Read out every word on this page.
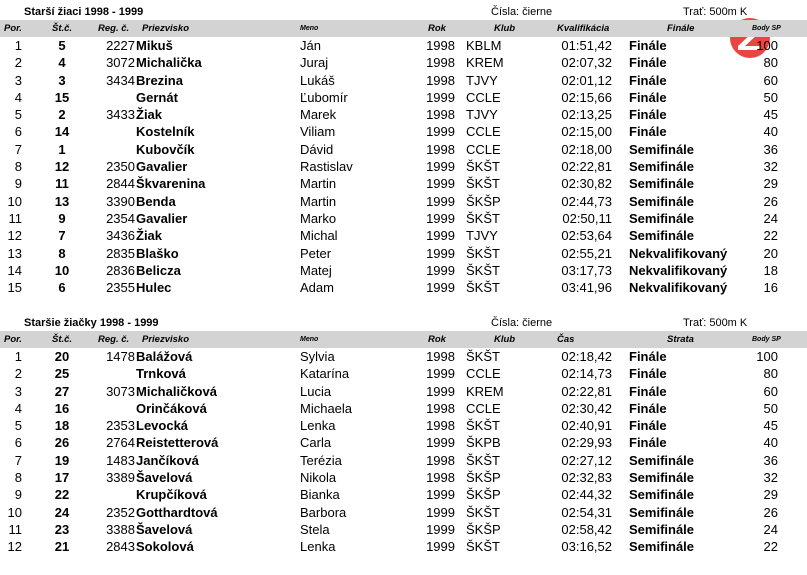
Starší žiaci 1998 - 1999	Čísla: čierne	Trať: 500m K
Por.	Št.č.	Reg. č. Priezvisko	Meno	Rok	Klub	Kvalifikácia	Finále	Body SP
1	5	2227 Mikuš	Ján	1998 KBLM	01:51,42 Finále	100
2	4	3072 Michalička	Juraj	1998 KREM	02:07,32 Finále	80
3	3	3434 Brezina	Lukáš	1998 TJVY	02:01,12 Finále	60
4	15	Gernát	Ľubomír	1999 CCLE	02:15,66 Finále	50
5	2	3433 Žiak	Marek	1998 TJVY	02:13,25 Finále	45
6	14	Kostelník	Viliam	1999 CCLE	02:15,00 Finále	40
7	1	Kubovčík	Dávid	1998 CCLE	02:18,00 Semifinále	36
8	12	2350 Gavalier	Rastislav	1999 ŠKŠT	02:22,81 Semifinále	32
9	11	2844 Škvarenina	Martin	1999 ŠKŠT	02:30,82 Semifinále	29
10	13	3390 Benda	Martin	1999 ŠKŠP	02:44,73 Semifinále	26
11	9	2354 Gavalier	Marko	1999 ŠKŠT	02:50,11 Semifinále	24
12	7	3436 Žiak	Michal	1999 TJVY	02:53,64 Semifinále	22
13	8	2835 Blaško	Peter	1999 ŠKŠT	02:55,21 Nekvalifikovaný	20
14	10	2836 Belicza	Matej	1999 ŠKŠT	03:17,73 Nekvalifikovaný	18
15	6	2355 Hulec	Adam	1999 ŠKŠT	03:41,96 Nekvalifikovaný	16
Staršie žiačky 1998 - 1999	Čísla: čierne	Trať: 500m K
Por.	Št.č.	Reg. č. Priezvisko	Meno	Rok	Klub	Čas	Strata	Body SP
1	20	1478 Balážová	Sylvia	1998 ŠKŠT	02:18,42 Finále	100
2	25	Trnková	Katarína	1999 CCLE	02:14,73 Finále	80
3	27	3073 Michaličková	Lucia	1999 KREM	02:22,81 Finále	60
4	16	Orinčáková	Michaela	1998 CCLE	02:30,42 Finále	50
5	18	2353 Levocká	Lenka	1998 ŠKŠT	02:40,91 Finále	45
6	26	2764 Reistetterová	Carla	1999 ŠKPB	02:29,93 Finále	40
7	19	1483 Jančíková	Terézia	1998 ŠKŠT	02:27,12 Semifinále	36
8	17	3389 Šavelová	Nikola	1998 ŠKŠP	02:32,83 Semifinále	32
9	22	Krupčíková	Bianka	1999 ŠKŠP	02:44,32 Semifinále	29
10	24	2352 Gotthardtová	Barbora	1999 ŠKŠT	02:54,31 Semifinále	26
11	23	3388 Šavelová	Stela	1999 ŠKŠP	02:58,42 Semifinále	24
12	21	2843 Sokolová	Lenka	1999 ŠKŠT	03:16,52 Semifinále	22
